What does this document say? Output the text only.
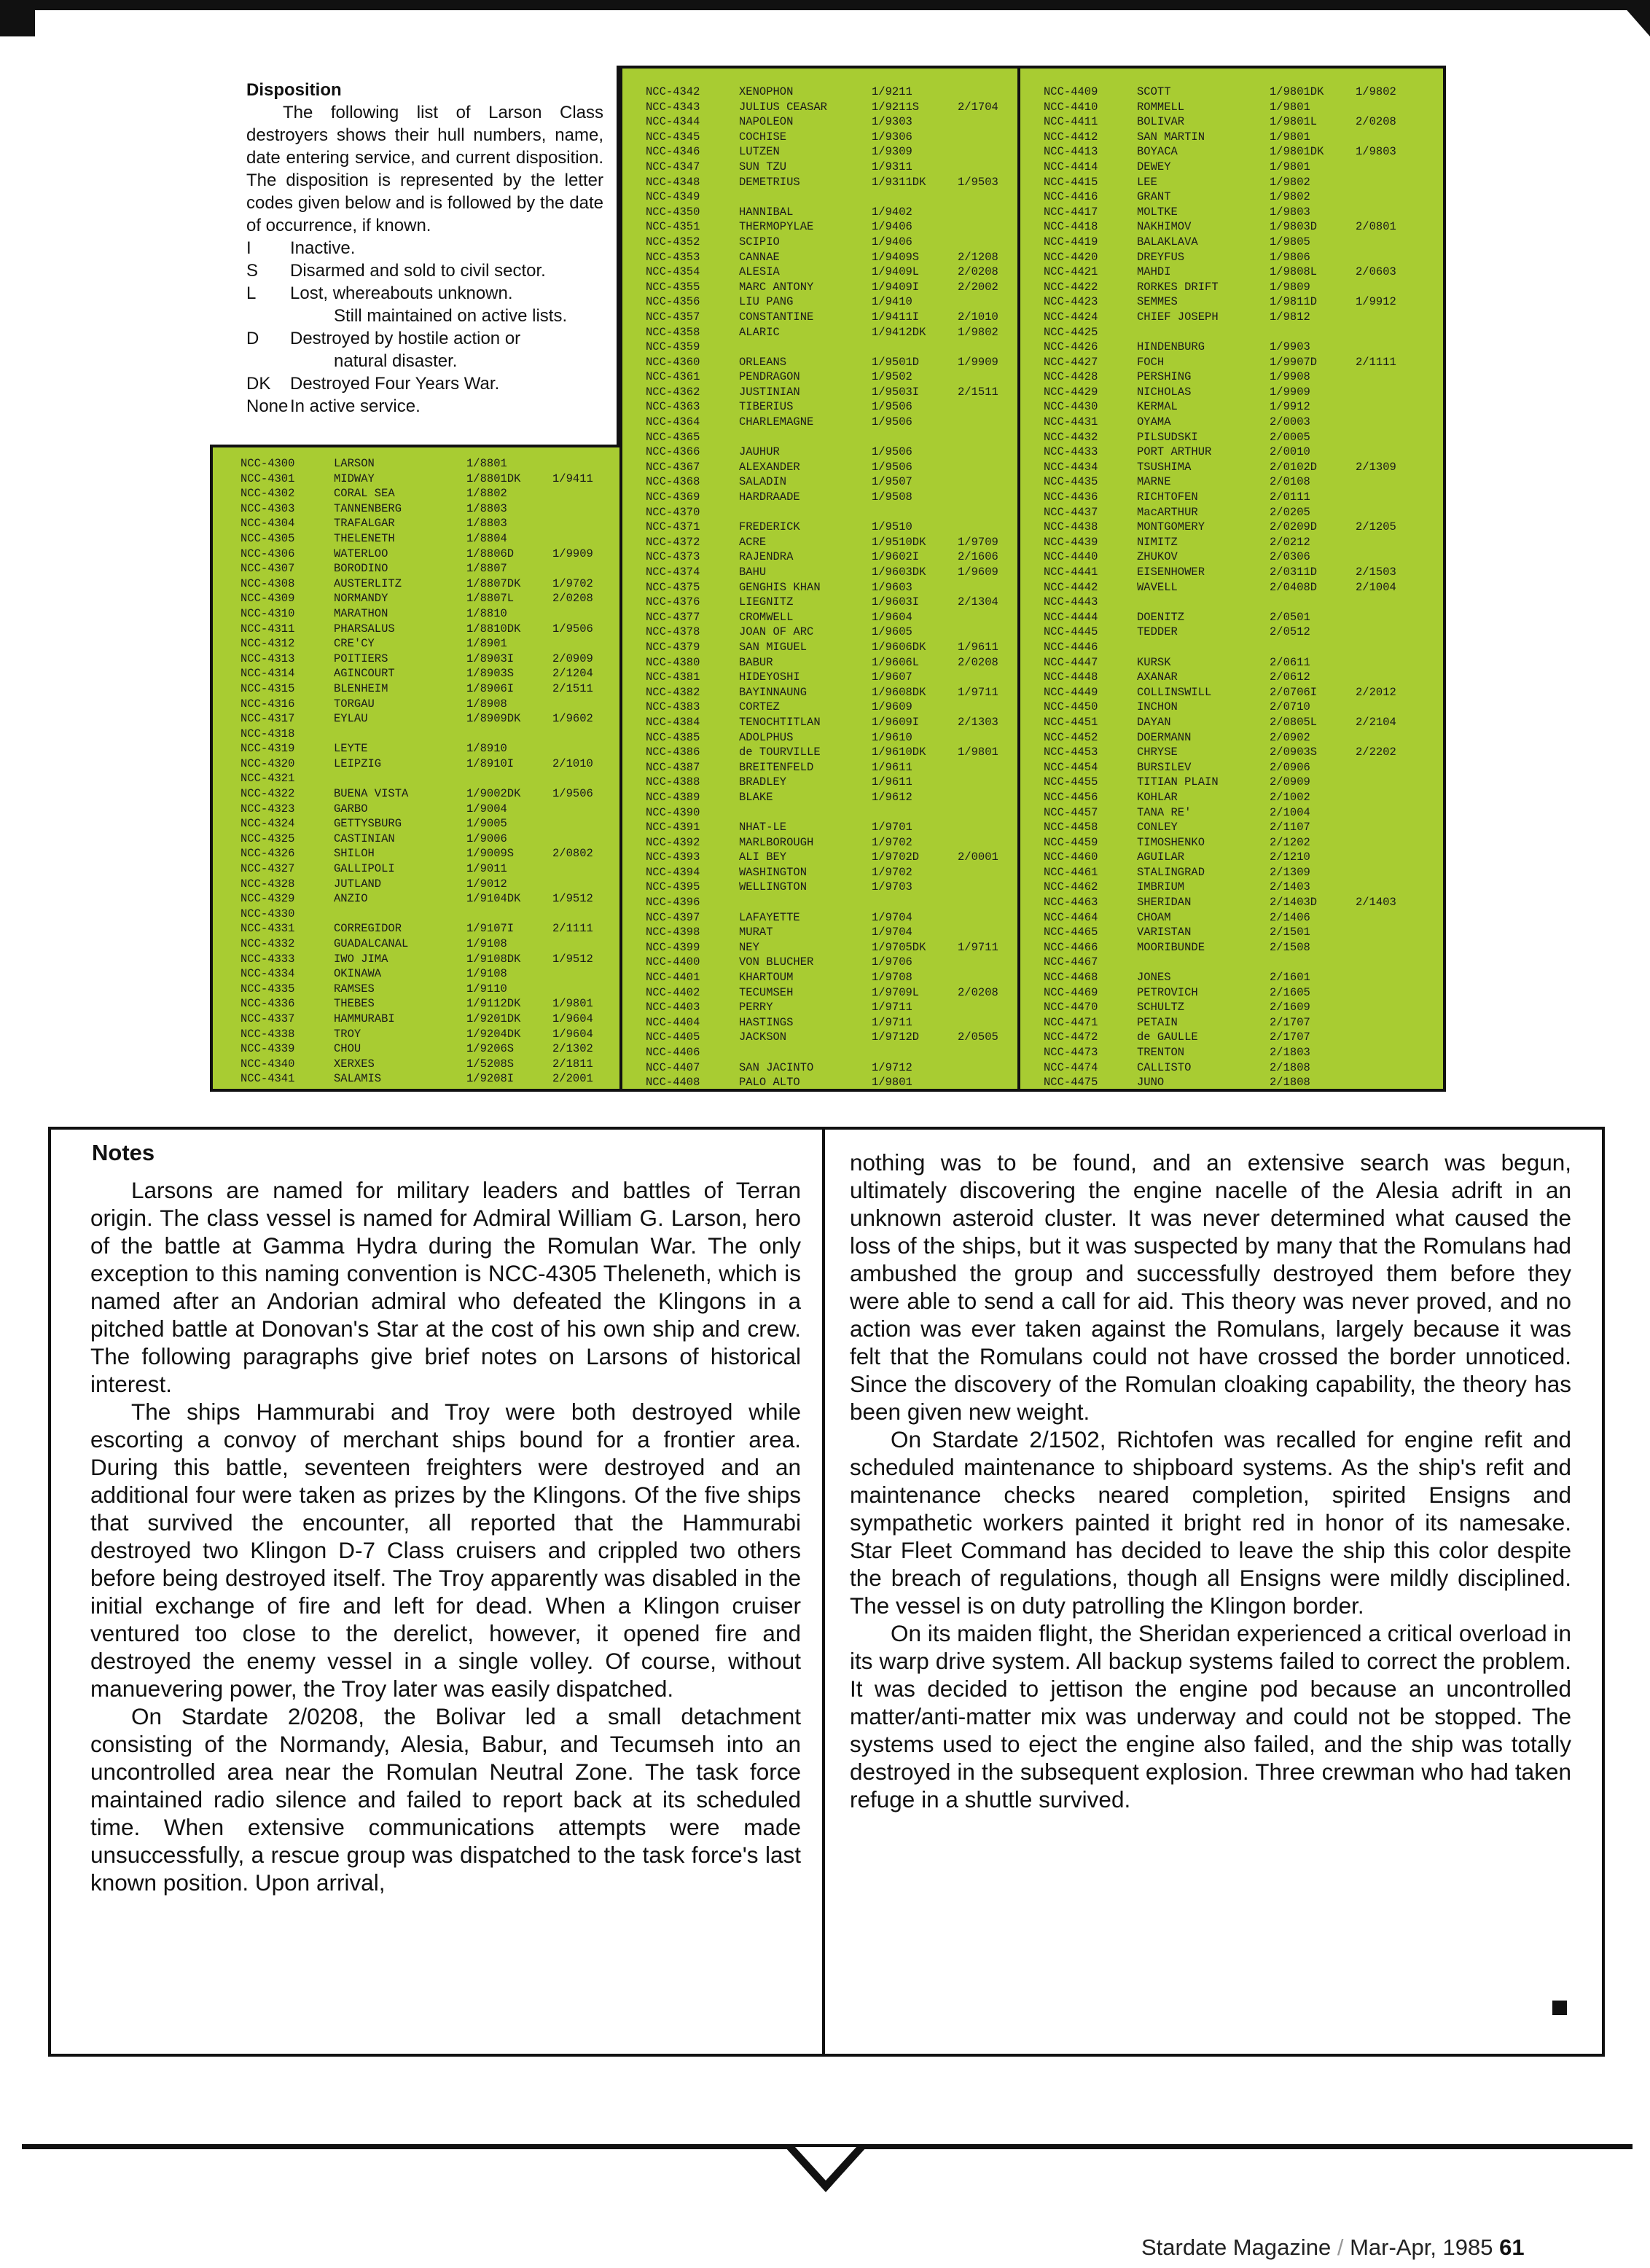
Disposition
The following list of Larson Class destroyers shows their hull numbers, name, date entering service, and current disposition. The disposition is represented by the letter codes given below and is followed by the date of occurrence, if known.
I	Inactive.
S	Disarmed and sold to civil sector.
L	Lost, whereabouts unknown.
Still maintained on active lists.
D	Destroyed by hostile action or
natural disaster.
DK	Destroyed Four Years War.
None In active service.
NCC-4300	LARSON	1/8801
NCC-4301	MIDWAY	1/8801DK	1/9411
NCC-4302	CORAL SEA	1/8802
NCC-4303	TANNENBERG	1/8803
NCC-4304	TRAFALGAR	1/8803
NCC-4305	THELENETH	1/8804
NCC-4306	WATERLOO	1/8806D	1/9909
NCC-4307	BORODINO	1/8807
NCC-4308	AUSTERLITZ	1/8807DK	1/9702
NCC-4309	NORMANDY	1/8807L	2/0208
NCC-4310	MARATHON	1/8810
NCC-4311	PHARSALUS	1/8810DK	1/9506
NCC-4312	CRE'CY	1/8901
NCC-4313	POITIERS	1/8903I	2/0909
NCC-4314	AGINCOURT	1/8903S	2/1204
NCC-4315	BLENHEIM	1/8906I	2/1511
NCC-4316	TORGAU	1/8908
NCC-4317	EYLAU	1/8909DK	1/9602
NCC-4318
NCC-4319	LEYTE	1/8910
NCC-4320	LEIPZIG	1/8910I	2/1010
NCC-4321
NCC-4322	BUENA VISTA	1/9002DK	1/9506
NCC-4323	GARBO	1/9004
NCC-4324	GETTYSBURG	1/9005
NCC-4325	CASTINIAN	1/9006
NCC-4326	SHILOH	1/9009S	2/0802
NCC-4327	GALLIPOLI	1/9011
NCC-4328	JUTLAND	1/9012
NCC-4329	ANZIO	1/9104DK	1/9512
NCC-4330
NCC-4331	CORREGIDOR	1/9107I	2/1111
NCC-4332	GUADALCANAL	1/9108
NCC-4333	IWO JIMA	1/9108DK	1/9512
NCC-4334	OKINAWA	1/9108
NCC-4335	RAMSES	1/9110
NCC-4336	THEBES	1/9112DK	1/9801
NCC-4337	HAMMURABI	1/9201DK	1/9604
NCC-4338	TROY	1/9204DK	1/9604
NCC-4339	CHOU	1/9206S	2/1302
NCC-4340	XERXES	1/5208S	2/1811
NCC-4341	SALAMIS	1/9208I	2/2001
NCC-4342	XENOPHON	1/9211
NCC-4343	JULIUS CEASAR	1/9211S	2/1704
NCC-4344	NAPOLEON	1/9303
NCC-4345	COCHISE	1/9306
NCC-4346	LUTZEN	1/9309
NCC-4347	SUN TZU	1/9311
NCC-4348	DEMETRIUS	1/9311DK	1/9503
NCC-4349
NCC-4350	HANNIBAL	1/9402
NCC-4351	THERMOPYLAE	1/9406
NCC-4352	SCIPIO	1/9406
NCC-4353	CANNAE	1/9409S	2/1208
NCC-4354	ALESIA	1/9409L	2/0208
NCC-4355	MARC ANTONY	1/9409I	2/2002
NCC-4356	LIU PANG	1/9410
NCC-4357	CONSTANTINE	1/9411I	2/1010
NCC-4358	ALARIC	1/9412DK	1/9802
NCC-4359
NCC-4360	ORLEANS	1/9501D	1/9909
NCC-4361	PENDRAGON	1/9502
NCC-4362	JUSTINIAN	1/9503I	2/1511
NCC-4363	TIBERIUS	1/9506
NCC-4364	CHARLEMAGNE	1/9506
NCC-4365
NCC-4366	JAUHUR	1/9506
NCC-4367	ALEXANDER	1/9506
NCC-4368	SALADIN	1/9507
NCC-4369	HARDRAADE	1/9508
NCC-4370
NCC-4371	FREDERICK	1/9510
NCC-4372	ACRE	1/9510DK	1/9709
NCC-4373	RAJENDRA	1/9602I	2/1606
NCC-4374	BAHU	1/9603DK	1/9609
NCC-4375	GENGHIS KHAN	1/9603
NCC-4376	LIEGNITZ	1/9603I	2/1304
NCC-4377	CROMWELL	1/9604
NCC-4378	JOAN OF ARC	1/9605
NCC-4379	SAN MIGUEL	1/9606DK	1/9611
NCC-4380	BABUR	1/9606L	2/0208
NCC-4381	HIDEYOSHI	1/9607
NCC-4382	BAYINNAUNG	1/9608DK	1/9711
NCC-4383	CORTEZ	1/9609
NCC-4384	TENOCHTITLAN	1/9609I	2/1303
NCC-4385	ADOLPHUS	1/9610
NCC-4386	de TOURVILLE	1/9610DK	1/9801
NCC-4387	BREITENFELD	1/9611
NCC-4388	BRADLEY	1/9611
NCC-4389	BLAKE	1/9612
NCC-4390
NCC-4391	NHAT-LE	1/9701
NCC-4392	MARLBOROUGH	1/9702
NCC-4393	ALI BEY	1/9702D	2/0001
NCC-4394	WASHINGTON	1/9702
NCC-4395	WELLINGTON	1/9703
NCC-4396
NCC-4397	LAFAYETTE	1/9704
NCC-4398	MURAT	1/9704
NCC-4399	NEY	1/9705DK	1/9711
NCC-4400	VON BLUCHER	1/9706
NCC-4401	KHARTOUM	1/9708
NCC-4402	TECUMSEH	1/9709L	2/0208
NCC-4403	PERRY	1/9711
NCC-4404	HASTINGS	1/9711
NCC-4405	JACKSON	1/9712D	2/0505
NCC-4406
NCC-4407	SAN JACINTO	1/9712
NCC-4408	PALO ALTO	1/9801
NCC-4409	SCOTT	1/9801DK	1/9802
NCC-4410	ROMMELL	1/9801
NCC-4411	BOLIVAR	1/9801L	2/0208
NCC-4412	SAN MARTIN	1/9801
NCC-4413	BOYACA	1/9801DK	1/9803
NCC-4414	DEWEY	1/9801
NCC-4415	LEE	1/9802
NCC-4416	GRANT	1/9802
NCC-4417	MOLTKE	1/9803
NCC-4418	NAKHIMOV	1/9803D	2/0801
NCC-4419	BALAKLAVA	1/9805
NCC-4420	DREYFUS	1/9806
NCC-4421	MAHDI	1/9808L	2/0603
NCC-4422	RORKES DRIFT	1/9809
NCC-4423	SEMMES	1/9811D	1/9912
NCC-4424	CHIEF JOSEPH	1/9812
NCC-4425
NCC-4426	HINDENBURG	1/9903
NCC-4427	FOCH	1/9907D	2/1111
NCC-4428	PERSHING	1/9908
NCC-4429	NICHOLAS	1/9909
NCC-4430	KERMAL	1/9912
NCC-4431	OYAMA	2/0003
NCC-4432	PILSUDSKI	2/0005
NCC-4433	PORT ARTHUR	2/0010
NCC-4434	TSUSHIMA	2/0102D	2/1309
NCC-4435	MARNE	2/0108
NCC-4436	RICHTOFEN	2/0111
NCC-4437	MacARTHUR	2/0205
NCC-4438	MONTGOMERY	2/0209D	2/1205
NCC-4439	NIMITZ	2/0212
NCC-4440	ZHUKOV	2/0306
NCC-4441	EISENHOWER	2/0311D	2/1503
NCC-4442	WAVELL	2/0408D	2/1004
NCC-4443
NCC-4444	DOENITZ	2/0501
NCC-4445	TEDDER	2/0512
NCC-4446
NCC-4447	KURSK	2/0611
NCC-4448	AXANAR	2/0612
NCC-4449	COLLINSWILL	2/0706I	2/2012
NCC-4450	INCHON	2/0710
NCC-4451	DAYAN	2/0805L	2/2104
NCC-4452	DOERMANN	2/0902
NCC-4453	CHRYSE	2/0903S	2/2202
NCC-4454	BURSILEV	2/0906
NCC-4455	TITIAN PLAIN	2/0909
NCC-4456	KOHLAR	2/1002
NCC-4457	TANA RE'	2/1004
NCC-4458	CONLEY	2/1107
NCC-4459	TIMOSHENKO	2/1202
NCC-4460	AGUILAR	2/1210
NCC-4461	STALINGRAD	2/1309
NCC-4462	IMBRIUM	2/1403
NCC-4463	SHERIDAN	2/1403D	2/1403
NCC-4464	CHOAM	2/1406
NCC-4465	VARISTAN	2/1501
NCC-4466	MOORIBUNDE	2/1508
NCC-4467
NCC-4468	JONES	2/1601
NCC-4469	PETROVICH	2/1605
NCC-4470	SCHULTZ	2/1609
NCC-4471	PETAIN	2/1707
NCC-4472	de GAULLE	2/1707
NCC-4473	TRENTON	2/1803
NCC-4474	CALLISTO	2/1808
NCC-4475	JUNO	2/1808
Notes

Larsons are named for military leaders and battles of Terran origin. The class vessel is named for Admiral William G. Larson, hero of the battle at Gamma Hydra during the Romulan War. The only exception to this naming convention is NCC-4305 Theleneth, which is named after an Andorian admiral who defeated the Klingons in a pitched battle at Donovan's Star at the cost of his own ship and crew. The following paragraphs give brief notes on Larsons of historical interest.

The ships Hammurabi and Troy were both destroyed while escorting a convoy of merchant ships bound for a frontier area. During this battle, seventeen freighters were destroyed and an additional four were taken as prizes by the Klingons. Of the five ships that survived the encounter, all reported that the Hammurabi destroyed two Klingon D-7 Class cruisers and crippled two others before being destroyed itself. The Troy apparently was disabled in the initial exchange of fire and left for dead. When a Klingon cruiser ventured too close to the derelict, however, it opened fire and destroyed the enemy vessel in a single volley. Of course, without manuevering power, the Troy later was easily dispatched.

On Stardate 2/0208, the Bolivar led a small detachment consisting of the Normandy, Alesia, Babur, and Tecumseh into an uncontrolled area near the Romulan Neutral Zone. The task force maintained radio silence and failed to report back at its scheduled time. When extensive communications attempts were made unsuccessfully, a rescue group was dispatched to the task force's last known position. Upon arrival,

nothing was to be found, and an extensive search was begun, ultimately discovering the engine nacelle of the Alesia adrift in an unknown asteroid cluster. It was never determined what caused the loss of the ships, but it was suspected by many that the Romulans had ambushed the group and successfully destroyed them before they were able to send a call for aid. This theory was never proved, and no action was ever taken against the Romulans, largely because it was felt that the Romulans could not have crossed the border unnoticed. Since the discovery of the Romulan cloaking capability, the theory has been given new weight.

On Stardate 2/1502, Richtofen was recalled for engine refit and scheduled maintenance to shipboard systems. As the ship's refit and maintenance checks neared completion, spirited Ensigns and sympathetic workers painted it bright red in honor of its namesake. Star Fleet Command has decided to leave the ship this color despite the breach of regulations, though all Ensigns were mildly disciplined. The vessel is on duty patrolling the Klingon border.

On its maiden flight, the Sheridan experienced a critical overload in its warp drive system. All backup systems failed to correct the problem. It was decided to jettison the engine pod because an uncontrolled matter/anti-matter mix was underway and could not be stopped. The systems used to eject the engine also failed, and the ship was totally destroyed in the subsequent explosion. Three crewman who had taken refuge in a shuttle survived.

Stardate Magazine / Mar-Apr, 1985 61
